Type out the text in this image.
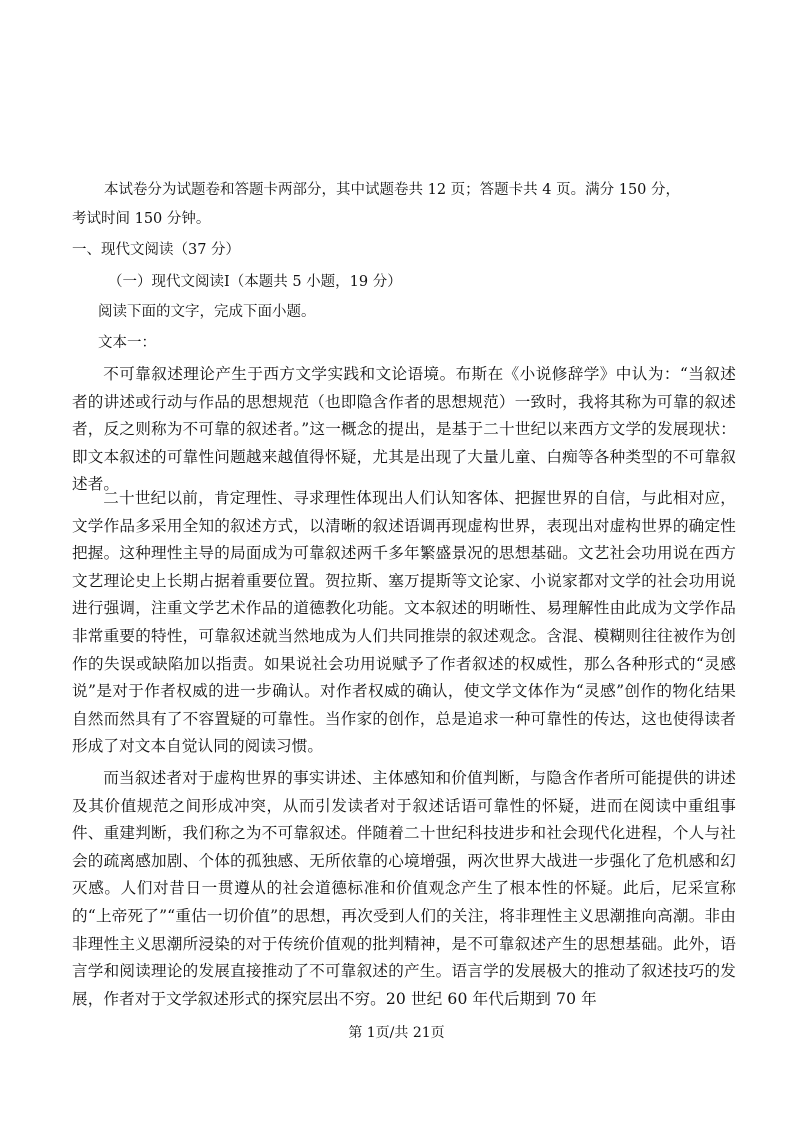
本试卷分为试题卷和答题卡两部分，其中试题卷共 12 页；答题卡共 4 页。满分 150 分，
考试时间 150 分钟。
一、现代文阅读（37 分）
（一）现代文阅读Ⅰ（本题共 5 小题，19 分）
阅读下面的文字，完成下面小题。
文本一：

不可靠叙述理论产生于西方文学实践和文论语境。布斯在《小说修辞学》中认为：“当叙述者的讲述或行动与作品的思想规范（也即隐含作者的思想规范）一致时，我将其称为可靠的叙述者，反之则称为不可靠的叙述者。”这一概念的提出，是基于二十世纪以来西方文学的发展现状：即文本叙述的可靠性问题越来越值得怀疑，尤其是出现了大量儿童、白痴等各种类型的不可靠叙述者。

二十世纪以前，肯定理性、寻求理性体现出人们认知客体、把握世界的自信，与此相对应，文学作品多采用全知的叙述方式，以清晰的叙述语调再现虚构世界，表现出对虚构世界的确定性把握。这种理性主导的局面成为可靠叙述两千多年繁盛景况的思想基础。文艺社会功用说在西方文艺理论史上长期占据着重要位置。贺拉斯、塞万提斯等文论家、小说家都对文学的社会功用说进行强调，注重文学艺术作品的道德教化功能。文本叙述的明晰性、易理解性由此成为文学作品非常重要的特性，可靠叙述就当然地成为人们共同推崇的叙述观念。含混、模糊则往往被作为创作的失误或缺陷加以指责。如果说社会功用说赋予了作者叙述的权威性，那么各种形式的“灵感说”是对于作者权威的进一步确认。对作者权威的确认，使文学文体作为“灵感”创作的物化结果自然而然具有了不容置疑的可靠性。当作家的创作，总是追求一种可靠性的传达，这也使得读者形成了对文本自觉认同的阅读习惯。

而当叙述者对于虚构世界的事实讲述、主体感知和价值判断，与隐含作者所可能提供的讲述及其价值规范之间形成冲突，从而引发读者对于叙述话语可靠性的怀疑，进而在阅读中重组事件、重建判断，我们称之为不可靠叙述。伴随着二十世纪科技进步和社会现代化进程，个人与社会的疏离感加剧、个体的孤独感、无所依靠的心境增强，两次世界大战进一步强化了危机感和幻灭感。人们对昔日一贯遵从的社会道德标准和价值观念产生了根本性的怀疑。此后，尼采宣称的“上帝死了”“重估一切价值”的思想，再次受到人们的关注，将非理性主义思潮推向高潮。非由非理性主义思潮所浸染的对于传统价值观的批判精神，是不可靠叙述产生的思想基础。此外，语言学和阅读理论的发展直接推动了不可靠叙述的产生。语言学的发展极大的推动了叙述技巧的发展，作者对于文学叙述形式的探究层出不穷。20 世纪 60 年代后期到 70 年

第 1页/共 21页
